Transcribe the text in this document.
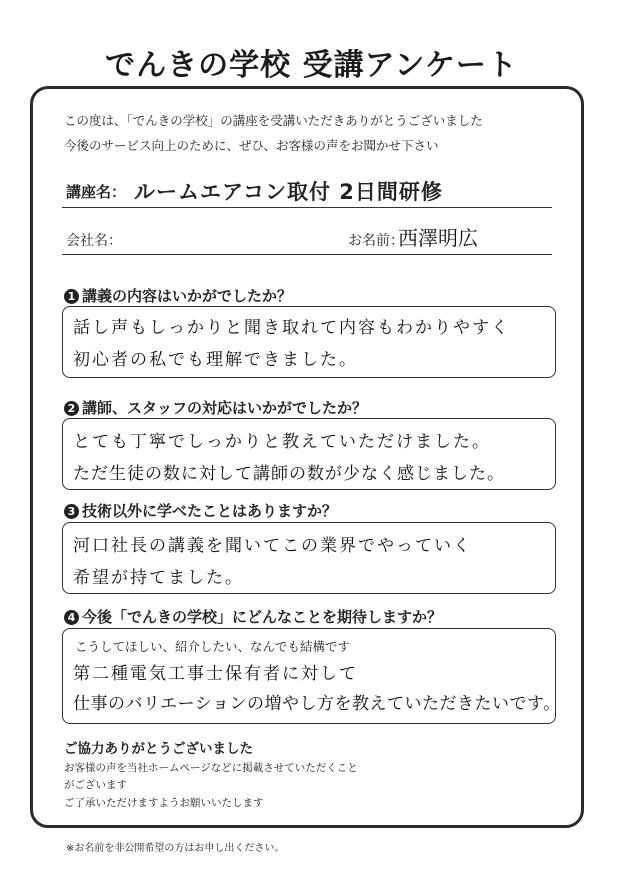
でんきの学校 受講アンケート
この度は、「でんきの学校」の講座を受講いただきありがとうございました
今後のサービス向上のために、ぜひ、お客様の声をお聞かせ下さい
講座名： ルームエアコン取付 2日間研修
会社名：	お名前：
西澤明広
1 講義の内容はいかがでしたか？
話し声もしっかりと聞き取れて内容もわかりやすく
初心者の私でも理解できました。
2 講師、スタッフの対応はいかがでしたか？
とても丁寧でしっかりと教えていただけました。
ただ生徒の数に対して講師の数が少なく感じました。
3 技術以外に学べたことはありますか？
河口社長の講義を聞いてこの業界でやっていく
希望が持てました。
4 今後「でんきの学校」にどんなことを期待しますか？
こうしてほしい、紹介したい、なんでも結構です
第二種電気工事士保有者に対して
仕事のバリエーションの増やし方を教えていただきたいです。
ご協力ありがとうございました
お客様の声を当社ホームページなどに掲載させていただくこと
がございます
ご了承いただけますようお願いいたします
※お名前を非公開希望の方はお申し出ください。
